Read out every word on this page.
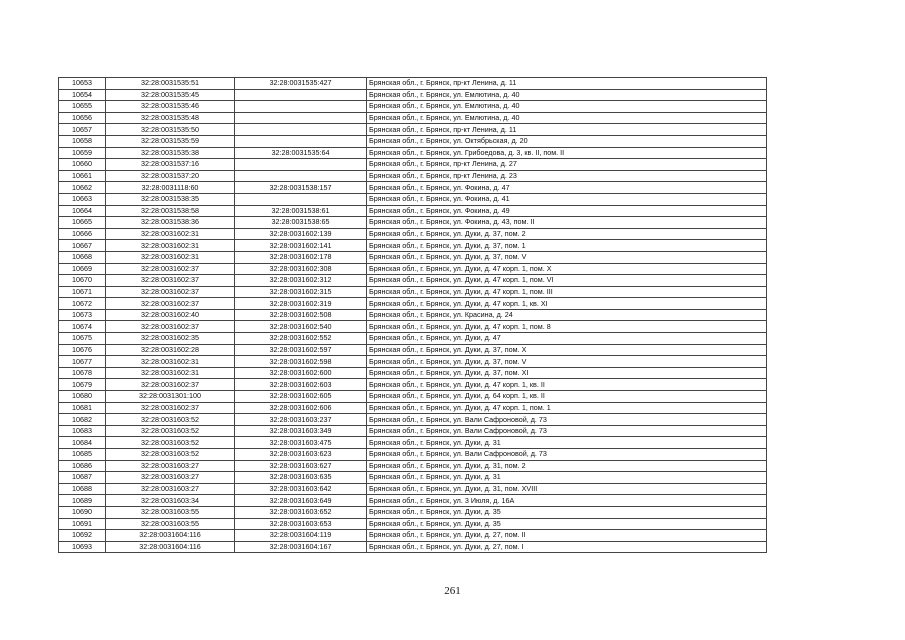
10653	32:28:0031535:51	32:28:0031535:427	Брянская обл., г. Брянск, пр-кт Ленина, д. 11
10654	32:28:0031535:45		Брянская обл., г. Брянск, ул. Емлютина, д. 40
10655	32:28:0031535:46		Брянская обл., г. Брянск, ул. Емлютина, д. 40
10656	32:28:0031535:48		Брянская обл., г. Брянск, ул. Емлютина, д. 40
10657	32:28:0031535:50		Брянская обл., г. Брянск, пр-кт Ленина, д. 11
10658	32:28:0031535:59		Брянская обл., г. Брянск, ул. Октябрьская, д. 20
10659	32:28:0031535:38	32:28:0031535:64	Брянская обл., г. Брянск, ул. Грибоедова, д. 3, кв. II, пом. II
10660	32:28:0031537:16		Брянская обл., г. Брянск, пр-кт Ленина, д. 27
10661	32:28:0031537:20		Брянская обл., г. Брянск, пр-кт Ленина, д. 23
10662	32:28:0031118:60	32:28:0031538:157	Брянская обл., г. Брянск, ул. Фокина, д. 47
10663	32:28:0031538:35		Брянская обл., г. Брянск, ул. Фокина, д. 41
10664	32:28:0031538:58	32:28:0031538:61	Брянская обл., г. Брянск, ул. Фокина, д. 49
10665	32:28:0031538:36	32:28:0031538:65	Брянская обл., г. Брянск, ул. Фокина, д. 43, пом. II
10666	32:28:0031602:31	32:28:0031602:139	Брянская обл., г. Брянск, ул. Дуки, д. 37, пом. 2
10667	32:28:0031602:31	32:28:0031602:141	Брянская обл., г. Брянск, ул. Дуки, д. 37, пом. 1
10668	32:28:0031602:31	32:28:0031602:178	Брянская обл., г. Брянск, ул. Дуки, д. 37, пом. V
10669	32:28:0031602:37	32:28:0031602:308	Брянская обл., г. Брянск, ул. Дуки, д. 47 корп. 1, пом. X
10670	32:28:0031602:37	32:28:0031602:312	Брянская обл., г. Брянск, ул. Дуки, д. 47 корп. 1, пом. VI
10671	32:28:0031602:37	32:28:0031602:315	Брянская обл., г. Брянск, ул. Дуки, д. 47 корп. 1, пом. III
10672	32:28:0031602:37	32:28:0031602:319	Брянская обл., г. Брянск, ул. Дуки, д. 47 корп. 1, кв. XI
10673	32:28:0031602:40	32:28:0031602:508	Брянская обл., г. Брянск, ул. Красина, д. 24
10674	32:28:0031602:37	32:28:0031602:540	Брянская обл., г. Брянск, ул. Дуки, д. 47 корп. 1, пом. 8
10675	32:28:0031602:35	32:28:0031602:552	Брянская обл., г. Брянск, ул. Дуки, д. 47
10676	32:28:0031602:28	32:28:0031602:597	Брянская обл., г. Брянск, ул. Дуки, д. 37, пом. X
10677	32:28:0031602:31	32:28:0031602:598	Брянская обл., г. Брянск, ул. Дуки, д. 37, пом. V
10678	32:28:0031602:31	32:28:0031602:600	Брянская обл., г. Брянск, ул. Дуки, д. 37, пом. XI
10679	32:28:0031602:37	32:28:0031602:603	Брянская обл., г. Брянск, ул. Дуки, д. 47 корп. 1, кв. II
10680	32:28:0031301:100	32:28:0031602:605	Брянская обл., г. Брянск, ул. Дуки, д. 64 корп. 1, кв. II
10681	32:28:0031602:37	32:28:0031602:606	Брянская обл., г. Брянск, ул. Дуки, д. 47 корп. 1, пом. 1
10682	32:28:0031603:52	32:28:0031603:237	Брянская обл., г. Брянск, ул. Вали Сафроновой, д. 73
10683	32:28:0031603:52	32:28:0031603:349	Брянская обл., г. Брянск, ул. Вали Сафроновой, д. 73
10684	32:28:0031603:52	32:28:0031603:475	Брянская обл., г. Брянск, ул. Дуки, д. 31
10685	32:28:0031603:52	32:28:0031603:623	Брянская обл., г. Брянск, ул. Вали Сафроновой, д. 73
10686	32:28:0031603:27	32:28:0031603:627	Брянская обл., г. Брянск, ул. Дуки, д. 31, пом. 2
10687	32:28:0031603:27	32:28:0031603:635	Брянская обл., г. Брянск, ул. Дуки, д. 31
10688	32:28:0031603:27	32:28:0031603:642	Брянская обл., г. Брянск, ул. Дуки, д. 31, пом. XVIII
10689	32:28:0031603:34	32:28:0031603:649	Брянская обл., г. Брянск, ул. 3 Июля, д. 16А
10690	32:28:0031603:55	32:28:0031603:652	Брянская обл., г. Брянск, ул. Дуки, д. 35
10691	32:28:0031603:55	32:28:0031603:653	Брянская обл., г. Брянск, ул. Дуки, д. 35
10692	32:28:0031604:116	32:28:0031604:119	Брянская обл., г. Брянск, ул. Дуки, д. 27, пом. II
10693	32:28:0031604:116	32:28:0031604:167	Брянская обл., г. Брянск, ул. Дуки, д. 27, пом. I
261
